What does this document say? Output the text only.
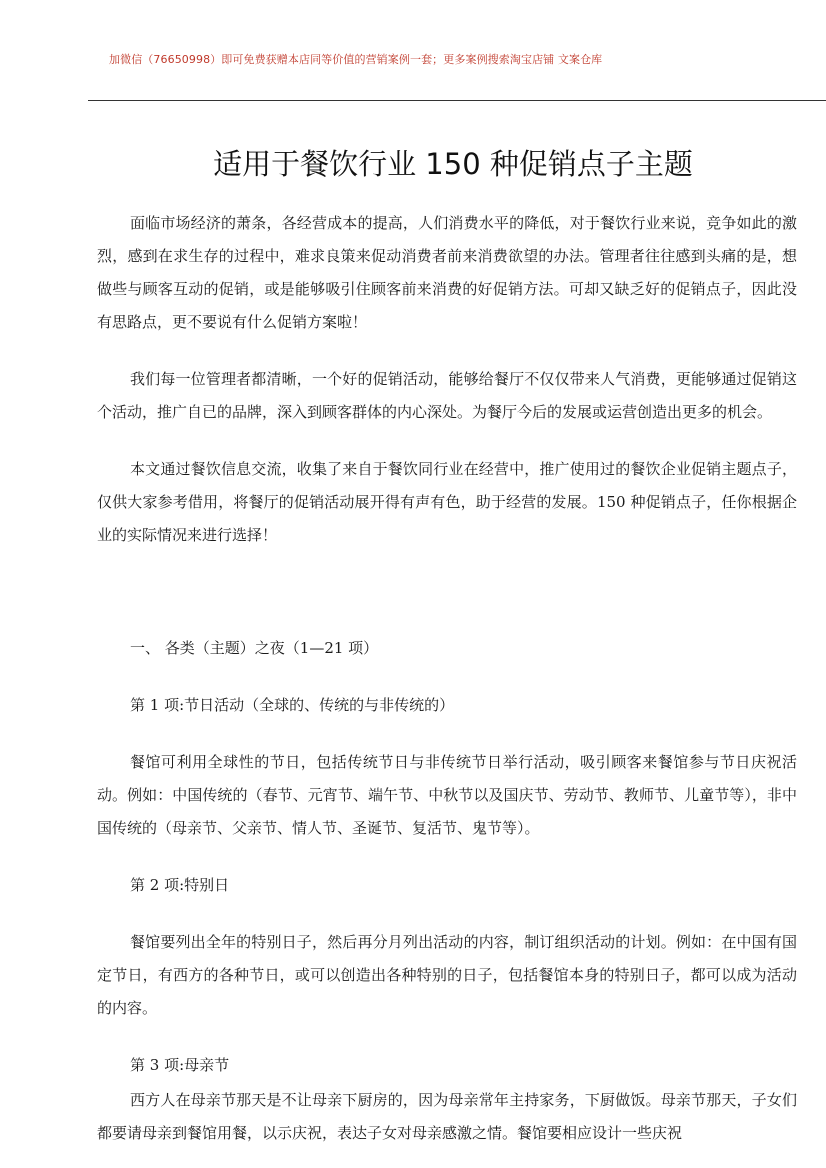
加微信（76650998）即可免费获赠本店同等价值的营销案例一套；更多案例搜索淘宝店铺 文案仓库
适用于餐饮行业 150 种促销点子主题

面临市场经济的萧条，各经营成本的提高，人们消费水平的降低，对于餐饮行业来说，竞争如此的激烈，感到在求生存的过程中，难求良策来促动消费者前来消费欲望的办法。管理者往往感到头痛的是，想做些与顾客互动的促销，或是能够吸引住顾客前来消费的好促销方法。可却又缺乏好的促销点子，因此没有思路点，更不要说有什么促销方案啦！

我们每一位管理者都清晰，一个好的促销活动，能够给餐厅不仅仅带来人气消费，更能够通过促销这个活动，推广自已的品牌，深入到顾客群体的内心深处。为餐厅今后的发展或运营创造出更多的机会。

本文通过餐饮信息交流，收集了来自于餐饮同行业在经营中，推广使用过的餐饮企业促销主题点子，仅供大家参考借用，将餐厅的促销活动展开得有声有色，助于经营的发展。150 种促销点子，任你根据企业的实际情况来进行选择！

一、 各类（主题）之夜（1—21 项）

第 1 项:节日活动（全球的、传统的与非传统的）

餐馆可利用全球性的节日，包括传统节日与非传统节日举行活动，吸引顾客来餐馆参与节日庆祝活动。例如：中国传统的（春节、元宵节、端午节、中秋节以及国庆节、劳动节、教师节、儿童节等），非中国传统的（母亲节、父亲节、情人节、圣诞节、复活节、鬼节等）。

第 2 项:特别日

餐馆要列出全年的特别日子，然后再分月列出活动的内容，制订组织活动的计划。例如：在中国有国定节日，有西方的各种节日，或可以创造出各种特别的日子，包括餐馆本身的特别日子，都可以成为活动的内容。

第 3 项:母亲节

西方人在母亲节那天是不让母亲下厨房的，因为母亲常年主持家务，下厨做饭。母亲节那天，子女们都要请母亲到餐馆用餐，以示庆祝，表达子女对母亲感激之情。餐馆要相应设计一些庆祝
